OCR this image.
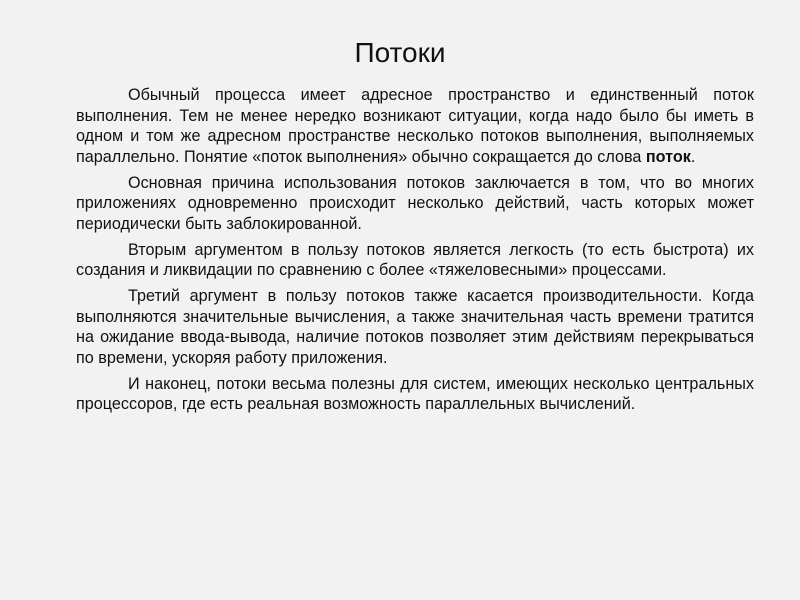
Потоки

Обычный процесса имеет адресное пространство и единственный поток выполнения. Тем не менее нередко возникают ситуации, когда надо было бы иметь в одном и том же адресном пространстве несколько потоков выполнения, выполняемых параллельно. Понятие «поток выполнения» обычно сокращается до слова поток.

Основная причина использования потоков заключается в том, что во многих приложениях одновременно происходит несколько действий, часть которых может периодически быть заблокированной.

Вторым аргументом в пользу потоков является легкость (то есть быстрота) их создания и ликвидации по сравнению с более «тяжеловесными» процессами.

Третий аргумент в пользу потоков также касается производительности. Когда выполняются значительные вычисления, а также значительная часть времени тратится на ожидание ввода-вывода, наличие потоков позволяет этим действиям перекрываться по времени, ускоряя работу приложения.

И наконец, потоки весьма полезны для систем, имеющих несколько центральных процессоров, где есть реальная возможность параллельных вычислений.
